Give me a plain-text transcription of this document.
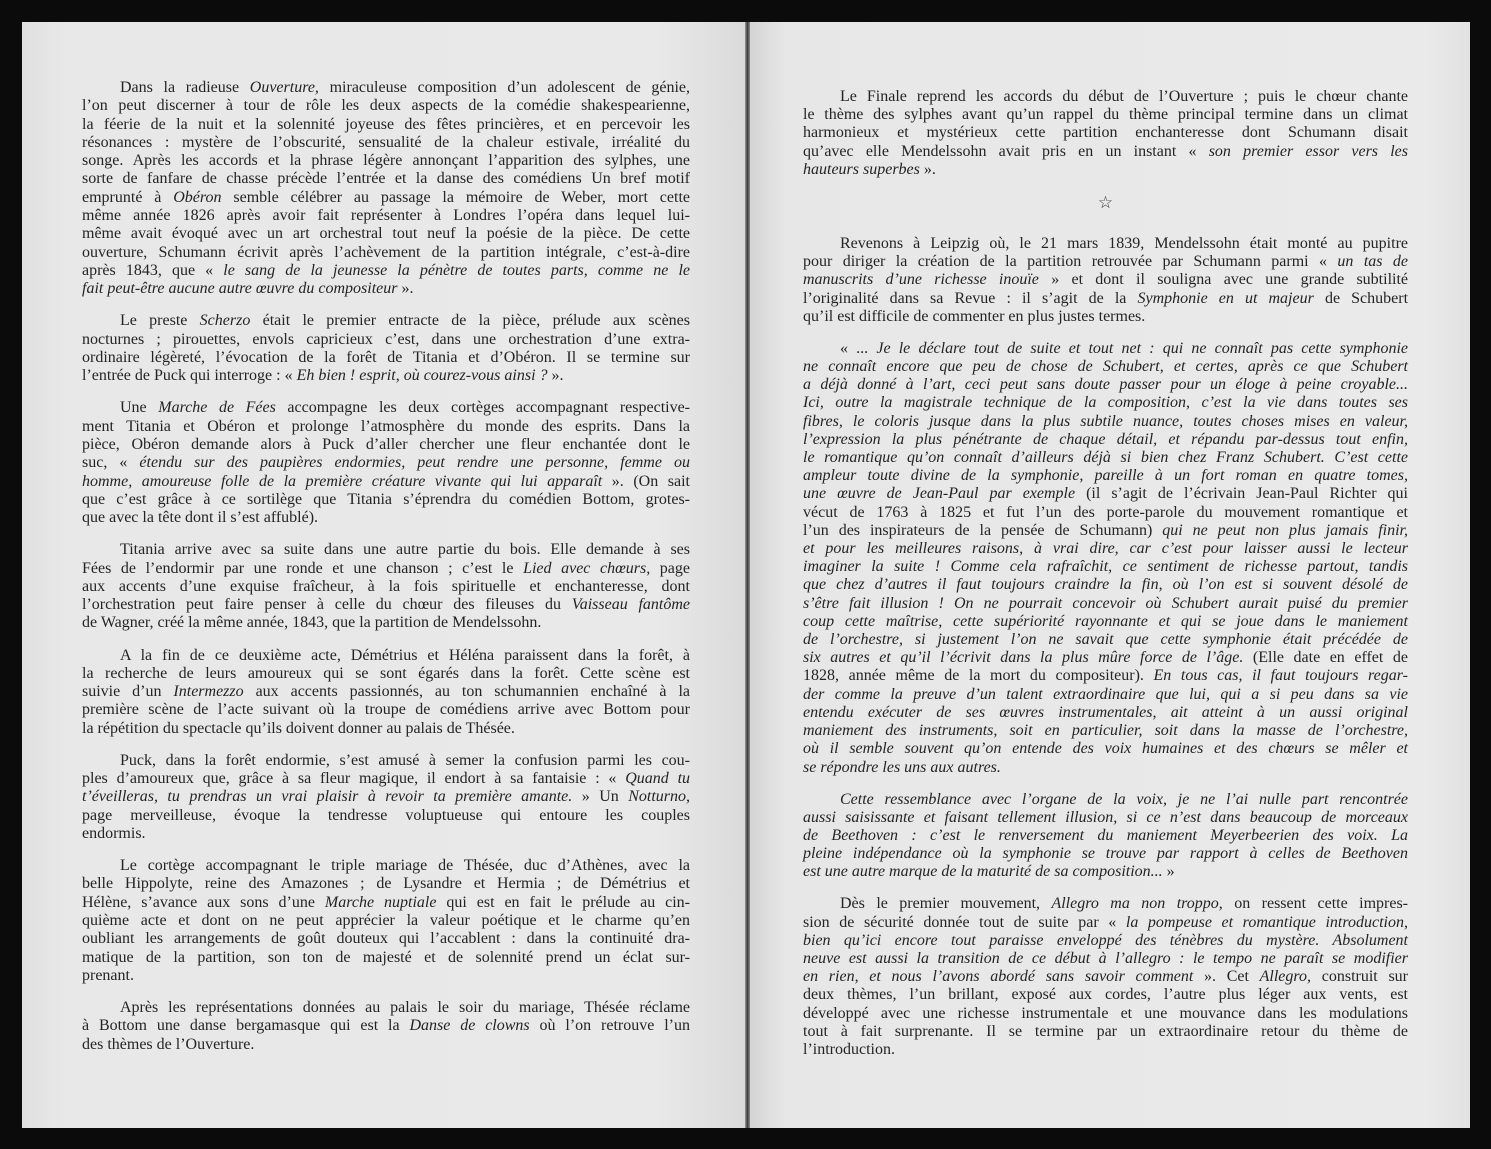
Dans la radieuse Ouverture, miraculeuse composition d’un adolescent de génie,
l’on peut discerner à tour de rôle les deux aspects de la comédie shakespearienne,
la féerie de la nuit et la solennité joyeuse des fêtes princières, et en percevoir les
résonances : mystère de l’obscurité, sensualité de la chaleur estivale, irréalité du
songe. Après les accords et la phrase légère annonçant l’apparition des sylphes, une
sorte de fanfare de chasse précède l’entrée et la danse des comédiens Un bref motif
emprunté à Obéron semble célébrer au passage la mémoire de Weber, mort cette
même année 1826 après avoir fait représenter à Londres l’opéra dans lequel lui-
même avait évoqué avec un art orchestral tout neuf la poésie de la pièce. De cette
ouverture, Schumann écrivit après l’achèvement de la partition intégrale, c’est-à-dire
après 1843, que « le sang de la jeunesse la pénètre de toutes parts, comme ne le
fait peut-être aucune autre œuvre du compositeur ».
Le preste Scherzo était le premier entracte de la pièce, prélude aux scènes
nocturnes ; pirouettes, envols capricieux c’est, dans une orchestration d’une extra-
ordinaire légèreté, l’évocation de la forêt de Titania et d’Obéron. Il se termine sur
l’entrée de Puck qui interroge : « Eh bien ! esprit, où courez-vous ainsi ? ».
Une Marche de Fées accompagne les deux cortèges accompagnant respective-
ment Titania et Obéron et prolonge l’atmosphère du monde des esprits. Dans la
pièce, Obéron demande alors à Puck d’aller chercher une fleur enchantée dont le
suc, « étendu sur des paupières endormies, peut rendre une personne, femme ou
homme, amoureuse folle de la première créature vivante qui lui apparaît ». (On sait
que c’est grâce à ce sortilège que Titania s’éprendra du comédien Bottom, grotes-
que avec la tête dont il s’est affublé).
Titania arrive avec sa suite dans une autre partie du bois. Elle demande à ses
Fées de l’endormir par une ronde et une chanson ; c’est le Lied avec chœurs, page
aux accents d’une exquise fraîcheur, à la fois spirituelle et enchanteresse, dont
l’orchestration peut faire penser à celle du chœur des fileuses du Vaisseau fantôme
de Wagner, créé la même année, 1843, que la partition de Mendelssohn.
A la fin de ce deuxième acte, Démétrius et Héléna paraissent dans la forêt, à
la recherche de leurs amoureux qui se sont égarés dans la forêt. Cette scène est
suivie d’un Intermezzo aux accents passionnés, au ton schumannien enchaîné à la
première scène de l’acte suivant où la troupe de comédiens arrive avec Bottom pour
la répétition du spectacle qu’ils doivent donner au palais de Thésée.
Puck, dans la forêt endormie, s’est amusé à semer la confusion parmi les cou-
ples d’amoureux que, grâce à sa fleur magique, il endort à sa fantaisie : « Quand tu
t’éveilleras, tu prendras un vrai plaisir à revoir ta première amante. » Un Notturno,
page merveilleuse, évoque la tendresse voluptueuse qui entoure les couples
endormis.
Le cortège accompagnant le triple mariage de Thésée, duc d’Athènes, avec la
belle Hippolyte, reine des Amazones ; de Lysandre et Hermia ; de Démétrius et
Hélène, s’avance aux sons d’une Marche nuptiale qui est en fait le prélude au cin-
quième acte et dont on ne peut apprécier la valeur poétique et le charme qu’en
oubliant les arrangements de goût douteux qui l’accablent : dans la continuité dra-
matique de la partition, son ton de majesté et de solennité prend un éclat sur-
prenant.
Après les représentations données au palais le soir du mariage, Thésée réclame
à Bottom une danse bergamasque qui est la Danse de clowns où l’on retrouve l’un
des thèmes de l’Ouverture.
Le Finale reprend les accords du début de l’Ouverture ; puis le chœur chante
le thème des sylphes avant qu’un rappel du thème principal termine dans un climat
harmonieux et mystérieux cette partition enchanteresse dont Schumann disait
qu’avec elle Mendelssohn avait pris en un instant « son premier essor vers les
hauteurs superbes ».
☆
Revenons à Leipzig où, le 21 mars 1839, Mendelssohn était monté au pupitre
pour diriger la création de la partition retrouvée par Schumann parmi « un tas de
manuscrits d’une richesse inouïe » et dont il souligna avec une grande subtilité
l’originalité dans sa Revue : il s’agit de la Symphonie en ut majeur de Schubert
qu’il est difficile de commenter en plus justes termes.
« ... Je le déclare tout de suite et tout net : qui ne connaît pas cette symphonie
ne connaît encore que peu de chose de Schubert, et certes, après ce que Schubert
a déjà donné à l’art, ceci peut sans doute passer pour un éloge à peine croyable...
Ici, outre la magistrale technique de la composition, c’est la vie dans toutes ses
fibres, le coloris jusque dans la plus subtile nuance, toutes choses mises en valeur,
l’expression la plus pénétrante de chaque détail, et répandu par-dessus tout enfin,
le romantique qu’on connaît d’ailleurs déjà si bien chez Franz Schubert. C’est cette
ampleur toute divine de la symphonie, pareille à un fort roman en quatre tomes,
une œuvre de Jean-Paul par exemple (il s’agit de l’écrivain Jean-Paul Richter qui
vécut de 1763 à 1825 et fut l’un des porte-parole du mouvement romantique et
l’un des inspirateurs de la pensée de Schumann) qui ne peut non plus jamais finir,
et pour les meilleures raisons, à vrai dire, car c’est pour laisser aussi le lecteur
imaginer la suite ! Comme cela rafraîchit, ce sentiment de richesse partout, tandis
que chez d’autres il faut toujours craindre la fin, où l’on est si souvent désolé de
s’être fait illusion ! On ne pourrait concevoir où Schubert aurait puisé du premier
coup cette maîtrise, cette supériorité rayonnante et qui se joue dans le maniement
de l’orchestre, si justement l’on ne savait que cette symphonie était précédée de
six autres et qu’il l’écrivit dans la plus mûre force de l’âge. (Elle date en effet de
1828, année même de la mort du compositeur). En tous cas, il faut toujours regar-
der comme la preuve d’un talent extraordinaire que lui, qui a si peu dans sa vie
entendu exécuter de ses œuvres instrumentales, ait atteint à un aussi original
maniement des instruments, soit en particulier, soit dans la masse de l’orchestre,
où il semble souvent qu’on entende des voix humaines et des chœurs se mêler et
se répondre les uns aux autres.
Cette ressemblance avec l’organe de la voix, je ne l’ai nulle part rencontrée
aussi saisissante et faisant tellement illusion, si ce n’est dans beaucoup de morceaux
de Beethoven : c’est le renversement du maniement Meyerbeerien des voix. La
pleine indépendance où la symphonie se trouve par rapport à celles de Beethoven
est une autre marque de la maturité de sa composition... »
Dès le premier mouvement, Allegro ma non troppo, on ressent cette impres-
sion de sécurité donnée tout de suite par « la pompeuse et romantique introduction,
bien qu’ici encore tout paraisse enveloppé des ténèbres du mystère. Absolument
neuve est aussi la transition de ce début à l’allegro : le tempo ne paraît se modifier
en rien, et nous l’avons abordé sans savoir comment ». Cet Allegro, construit sur
deux thèmes, l’un brillant, exposé aux cordes, l’autre plus léger aux vents, est
développé avec une richesse instrumentale et une mouvance dans les modulations
tout à fait surprenante. Il se termine par un extraordinaire retour du thème de
l’introduction.
